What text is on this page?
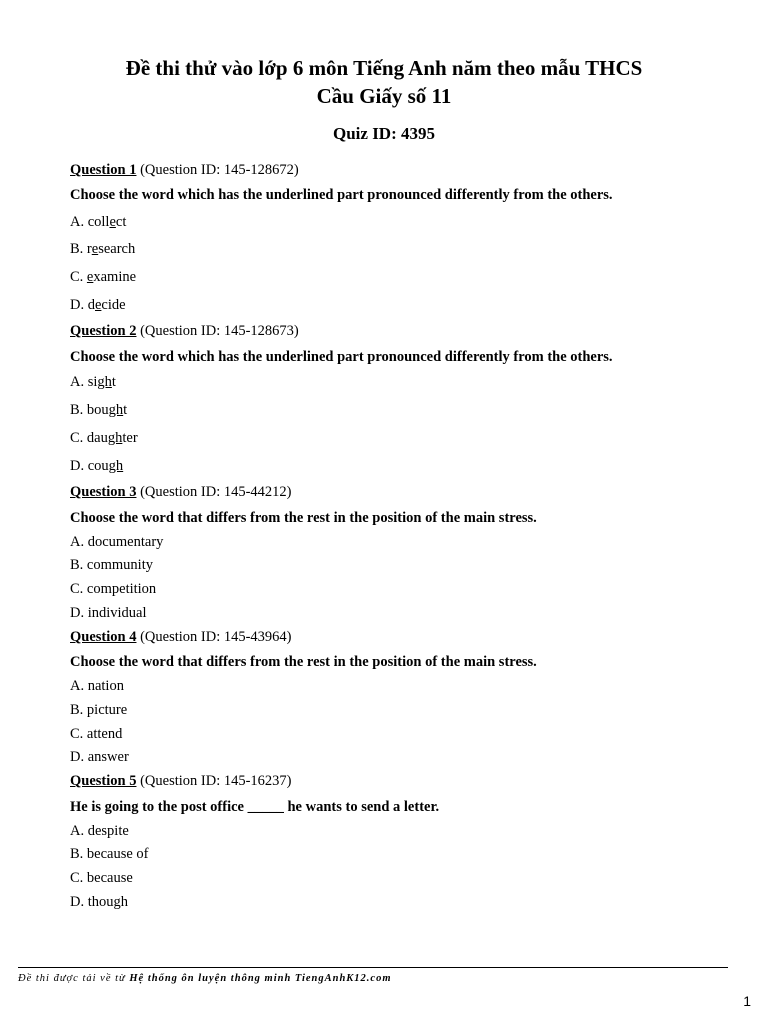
Đề thi thử vào lớp 6 môn Tiếng Anh năm theo mẫu THCS
Cầu Giấy số 11
Quiz ID: 4395
Question 1 (Question ID: 145-128672)
Choose the word which has the underlined part pronounced differently from the others.
A. collect
B. research
C. examine
D. decide
Question 2 (Question ID: 145-128673)
Choose the word which has the underlined part pronounced differently from the others.
A. sight
B. bought
C. daughter
D. cough
Question 3 (Question ID: 145-44212)
Choose the word that differs from the rest in the position of the main stress.
A. documentary
B. community
C. competition
D. individual
Question 4 (Question ID: 145-43964)
Choose the word that differs from the rest in the position of the main stress.
A. nation
B. picture
C. attend
D. answer
Question 5 (Question ID: 145-16237)
He is going to the post office _____ he wants to send a letter.
A. despite
B. because of
C. because
D. though
Đề thi được tải về từ Hệ thống ôn luyện thông minh TiengAnhK12.com
1
